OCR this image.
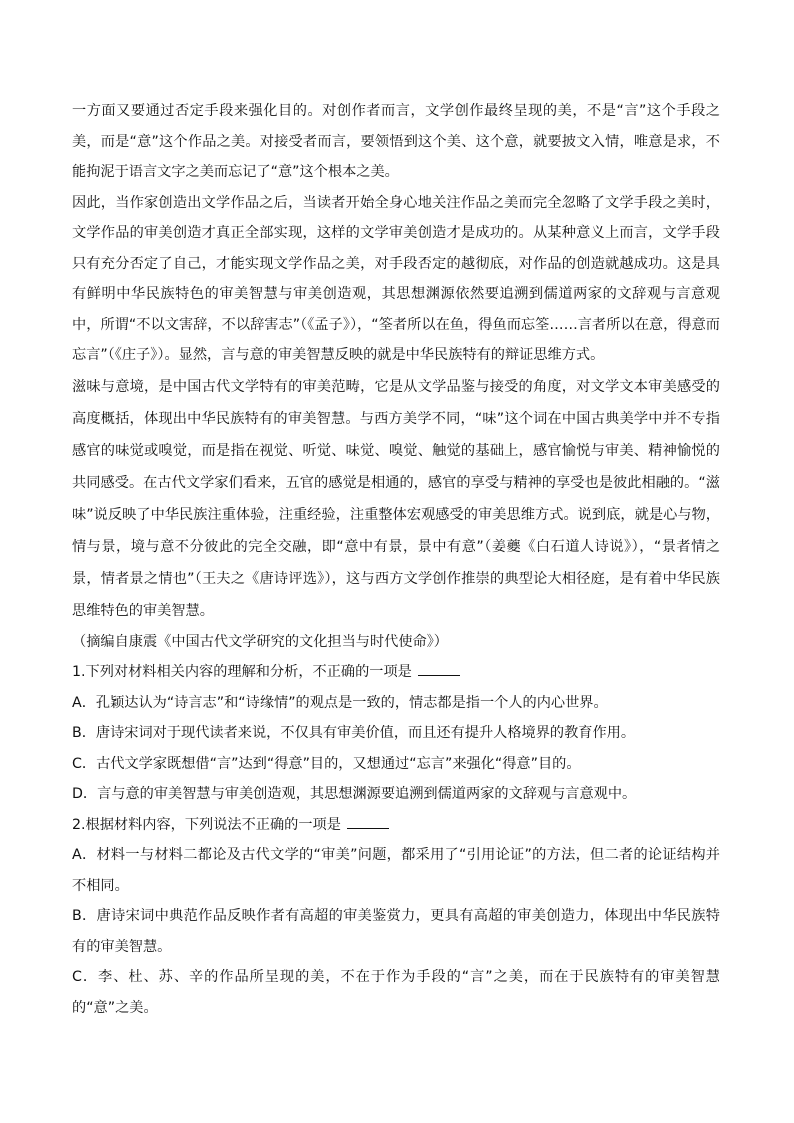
一方面又要通过否定手段来强化目的。对创作者而言，文学创作最终呈现的美，不是“言”这个手段之美，而是“意”这个作品之美。对接受者而言，要领悟到这个美、这个意，就要披文入情，唯意是求，不能拘泥于语言文字之美而忘记了“意”这个根本之美。

因此，当作家创造出文学作品之后，当读者开始全身心地关注作品之美而完全忽略了文学手段之美时，文学作品的审美创造才真正全部实现，这样的文学审美创造才是成功的。从某种意义上而言，文学手段只有充分否定了自己，才能实现文学作品之美，对手段否定的越彻底，对作品的创造就越成功。这是具有鲜明中华民族特色的审美智慧与审美创造观，其思想渊源依然要追溯到儒道两家的文辞观与言意观中，所谓“不以文害辞，不以辞害志”（《孟子》），“筌者所以在鱼，得鱼而忘筌……言者所以在意，得意而忘言”（《庄子》）。显然，言与意的审美智慧反映的就是中华民族特有的辩证思维方式。

滋味与意境，是中国古代文学特有的审美范畴，它是从文学品鉴与接受的角度，对文学文本审美感受的高度概括，体现出中华民族特有的审美智慧。与西方美学不同，“味”这个词在中国古典美学中并不专指感官的味觉或嗅觉，而是指在视觉、听觉、味觉、嗅觉、触觉的基础上，感官愉悦与审美、精神愉悦的共同感受。在古代文学家们看来，五官的感觉是相通的，感官的享受与精神的享受也是彼此相融的。“滋味”说反映了中华民族注重体验，注重经验，注重整体宏观感受的审美思维方式。说到底，就是心与物，情与景，境与意不分彼此的完全交融，即“意中有景，景中有意”（姜夔《白石道人诗说》），“景者情之景，情者景之情也”（王夫之《唐诗评选》），这与西方文学创作推崇的典型论大相径庭，是有着中华民族思维特色的审美智慧。

（摘编自康震《中国古代文学研究的文化担当与时代使命》）

1.下列对材料相关内容的理解和分析，不正确的一项是

A．孔颖达认为“诗言志”和“诗缘情”的观点是一致的，情志都是指一个人的内心世界。

B．唐诗宋词对于现代读者来说，不仅具有审美价值，而且还有提升人格境界的教育作用。

C．古代文学家既想借“言”达到“得意”目的，又想通过“忘言”来强化“得意”目的。

D．言与意的审美智慧与审美创造观，其思想渊源要追溯到儒道两家的文辞观与言意观中。

2.根据材料内容，下列说法不正确的一项是

A．材料一与材料二都论及古代文学的“审美”问题，都采用了“引用论证”的方法，但二者的论证结构并不相同。

B．唐诗宋词中典范作品反映作者有高超的审美鉴赏力，更具有高超的审美创造力，体现出中华民族特有的审美智慧。

C．李、杜、苏、辛的作品所呈现的美，不在于作为手段的“言”之美，而在于民族特有的审美智慧的“意”之美。
